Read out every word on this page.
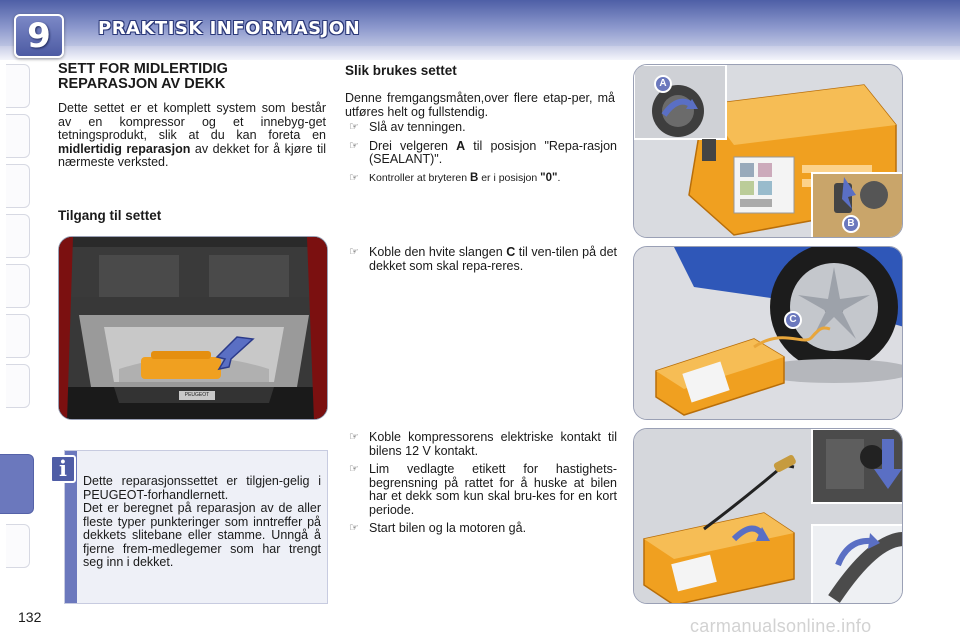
9	PRAKTISK INFORMASJON
SETT FOR MIDLERTIDIG REPARASJON AV DEKK

Dette settet er et komplett system som består av en kompressor og et innebyg-get tetningsprodukt, slik at du kan foreta en midlertidig reparasjon av dekket for å kjøre til nærmeste verksted.

Tilgang til settet
PEUGEOT
i	Dette reparasjonssettet er tilgjen-gelig i PEUGEOT-forhandlernett.

Det er beregnet på reparasjon av de aller fleste typer punkteringer som inntreffer på dekkets slitebane eller stamme. Unngå å fjerne frem-medlegemer som har trengt seg inn i dekket.

Slik brukes settet

Denne fremgangsmåten,over flere etap-per, må utføres helt og fullstendig.

☞ Slå av tenningen.
☞ Drei velgeren A til posisjon "Repa-rasjon (SEALANT)".
☞ Kontroller at bryteren B er i posisjon "0".
☞ Koble den hvite slangen C til ven-tilen på det dekket som skal repa-reres.
☞ Koble kompressorens elektriske kontakt til bilens 12 V kontakt.
☞ Lim vedlagte etikett for hastighets-begrensning på rattet for å huske at bilen har et dekk som kun skal bru-kes for en kort periode.
☞ Start bilen og la motoren gå.
A
B
C
132	carmanualsonline.info
